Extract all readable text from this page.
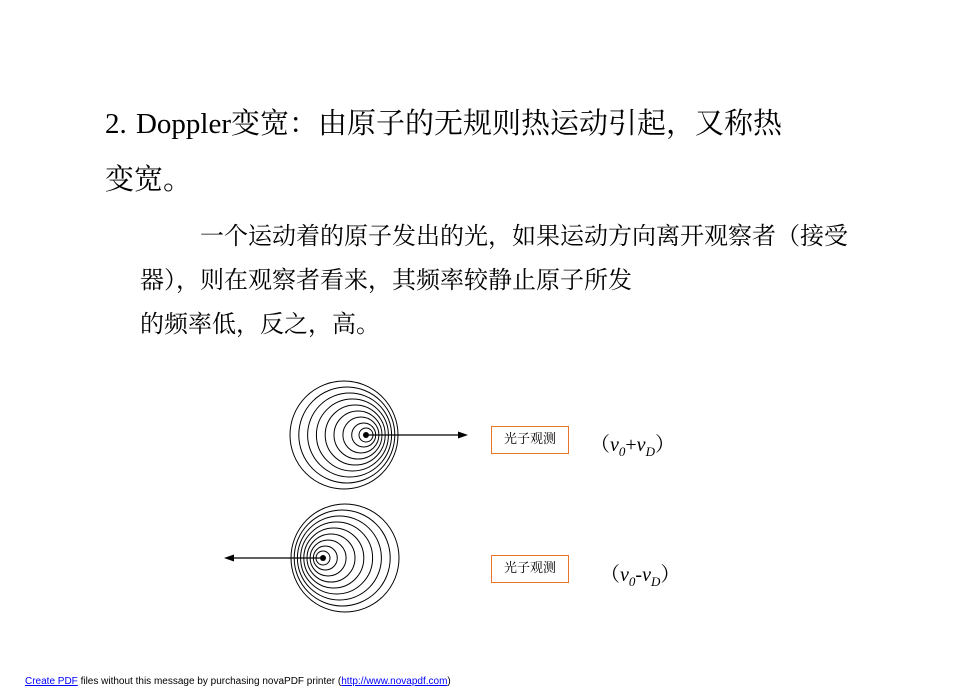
2. Doppler变宽：由原子的无规则热运动引起，又称热
变宽。
一个运动着的原子发出的光，如果运动方向离开观察者（接受器），则在观察者看来，其频率较静止原子所发
的频率低，反之，高。
光子观测	$(\nu_0+\nu_D)$
光子观测	$(\nu_0-\nu_D)$
Create PDF files without this message by purchasing novaPDF printer (http://www.novapdf.com)
